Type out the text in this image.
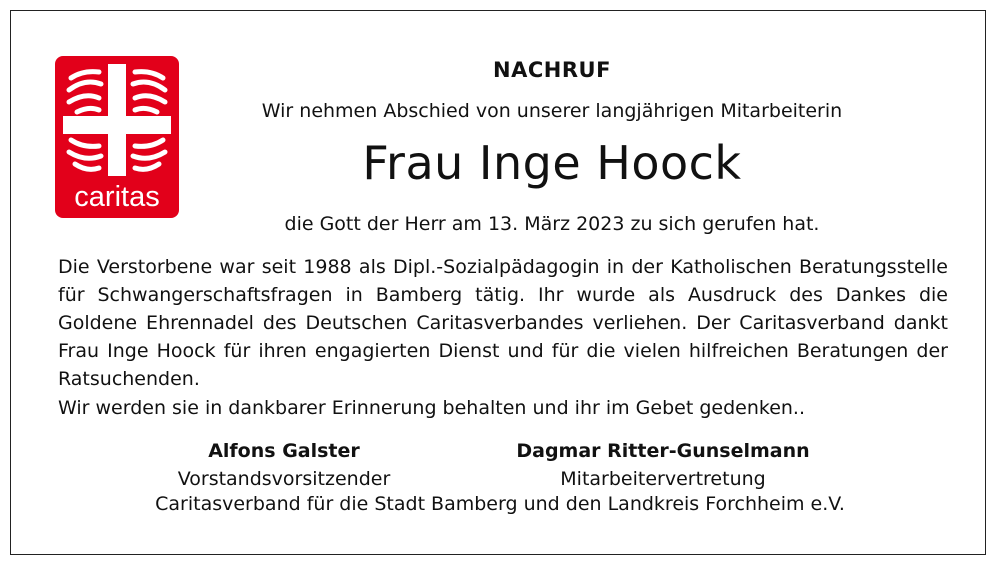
caritas
NACHRUF
Wir nehmen Abschied von unserer langjährigen Mitarbeiterin
Frau Inge Hoock
die Gott der Herr am 13. März 2023 zu sich gerufen hat.
Die Verstorbene war seit 1988 als Dipl.-Sozialpädagogin in der Katholischen Beratungsstelle für Schwangerschaftsfragen in Bamberg tätig. Ihr wurde als Ausdruck des Dankes die Goldene Ehrennadel des Deutschen Caritasverbandes verliehen. Der Caritasverband dankt Frau Inge Hoock für ihren engagierten Dienst und für die vielen hilfreichen Beratungen der Ratsuchenden.
Wir werden sie in dankbarer Erinnerung behalten und ihr im Gebet gedenken..
Alfons Galster
Vorstandsvorsitzender
Dagmar Ritter-Gunselmann
Mitarbeitervertretung
Caritasverband für die Stadt Bamberg und den Landkreis Forchheim e.V.
